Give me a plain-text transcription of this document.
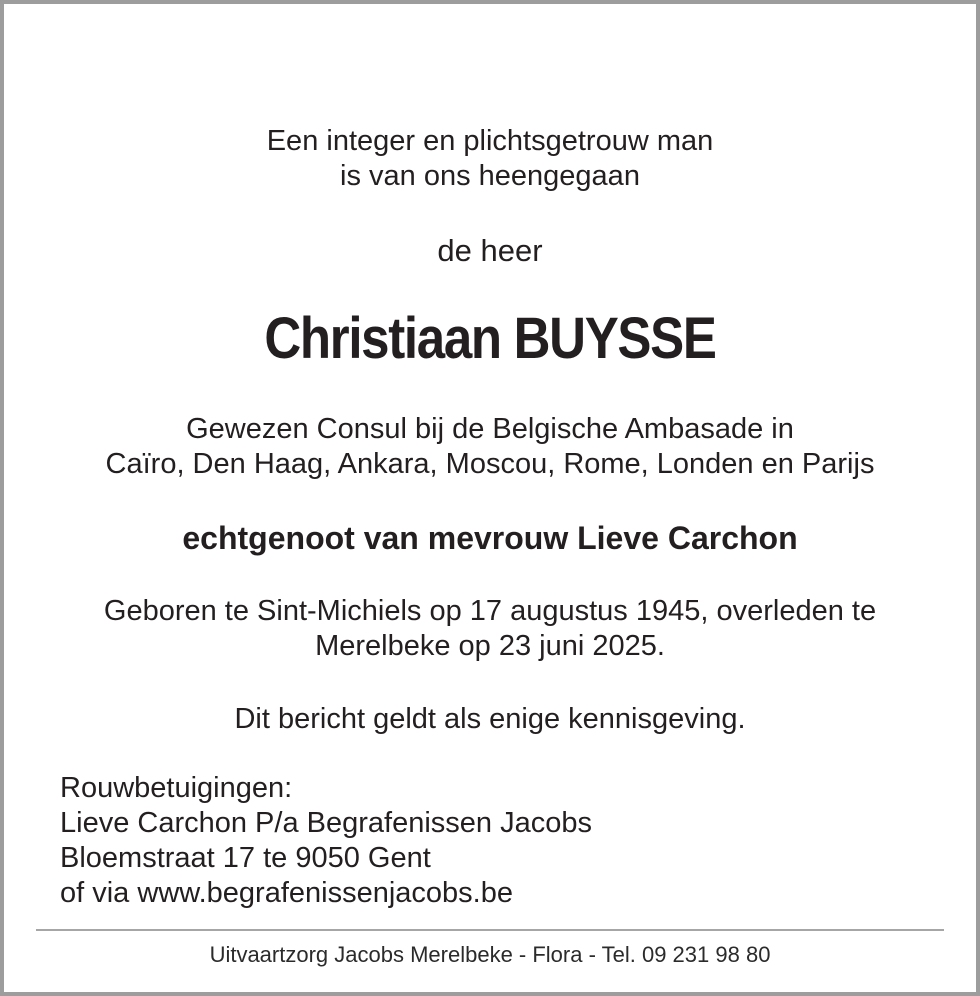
Een integer en plichtsgetrouw man
is van ons heengegaan
de heer
Christiaan BUYSSE
Gewezen Consul bij de Belgische Ambasade in
Caïro, Den Haag, Ankara, Moscou, Rome, Londen en Parijs
echtgenoot van mevrouw Lieve Carchon
Geboren te Sint-Michiels op 17 augustus 1945, overleden te
Merelbeke op 23 juni 2025.
Dit bericht geldt als enige kennisgeving.
Rouwbetuigingen:
Lieve Carchon P/a Begrafenissen Jacobs
Bloemstraat 17 te 9050 Gent
of via www.begrafenissenjacobs.be
Uitvaartzorg Jacobs Merelbeke - Flora - Tel. 09 231 98 80
